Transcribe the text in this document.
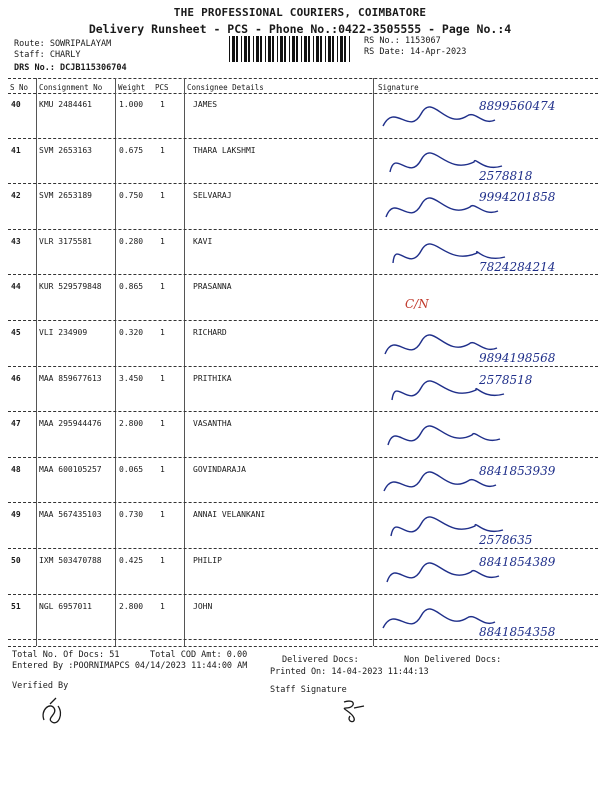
THE PROFESSIONAL COURIERS, COIMBATORE
Delivery Runsheet - PCS - Phone No.:0422-3505555 - Page No.:4
Route: SOWRIPALAYAM
Staff: CHARLY
DRS No.: DCJB115306704
RS No.: 1153067
RS Date: 14-Apr-2023
S No Consignment No Weight PCS Consignee Details	Signature
40 KMU 2484461	1.000 1	JAMES	8899560474
41 SVM 2653163	0.675 1	THARA LAKSHMI
2578818
42 SVM 2653189	0.750 1	SELVARAJ	9994201858
43 VLR 3175581	0.280 1	KAVI
7824284214
44 KUR 529579848 0.865 1	PRASANNA
C/N
45 VLI 234909	0.320 1	RICHARD
9894198568
46 MAA 859677613 3.450 1	PRITHIKA	2578518
47 MAA 295944476 2.800 1	VASANTHA
48 MAA 600105257 0.065 1	GOVINDARAJA	8841853939
49 MAA 567435103 0.730 1	ANNAI VELANKANI
2578635
50 IXM 503470788 0.425 1	PHILIP	8841854389
51 NGL 6957011	2.800 1	JOHN
8841854358
Total No. Of Docs: 51	Total COD Amt: 0.00	Delivered Docs:	Non Delivered Docs:
Entered By :POORNIMAPCS 04/14/2023 11:44:00 AM
Printed On: 14-04-2023 11:44:13
Verified By	Staff Signature
